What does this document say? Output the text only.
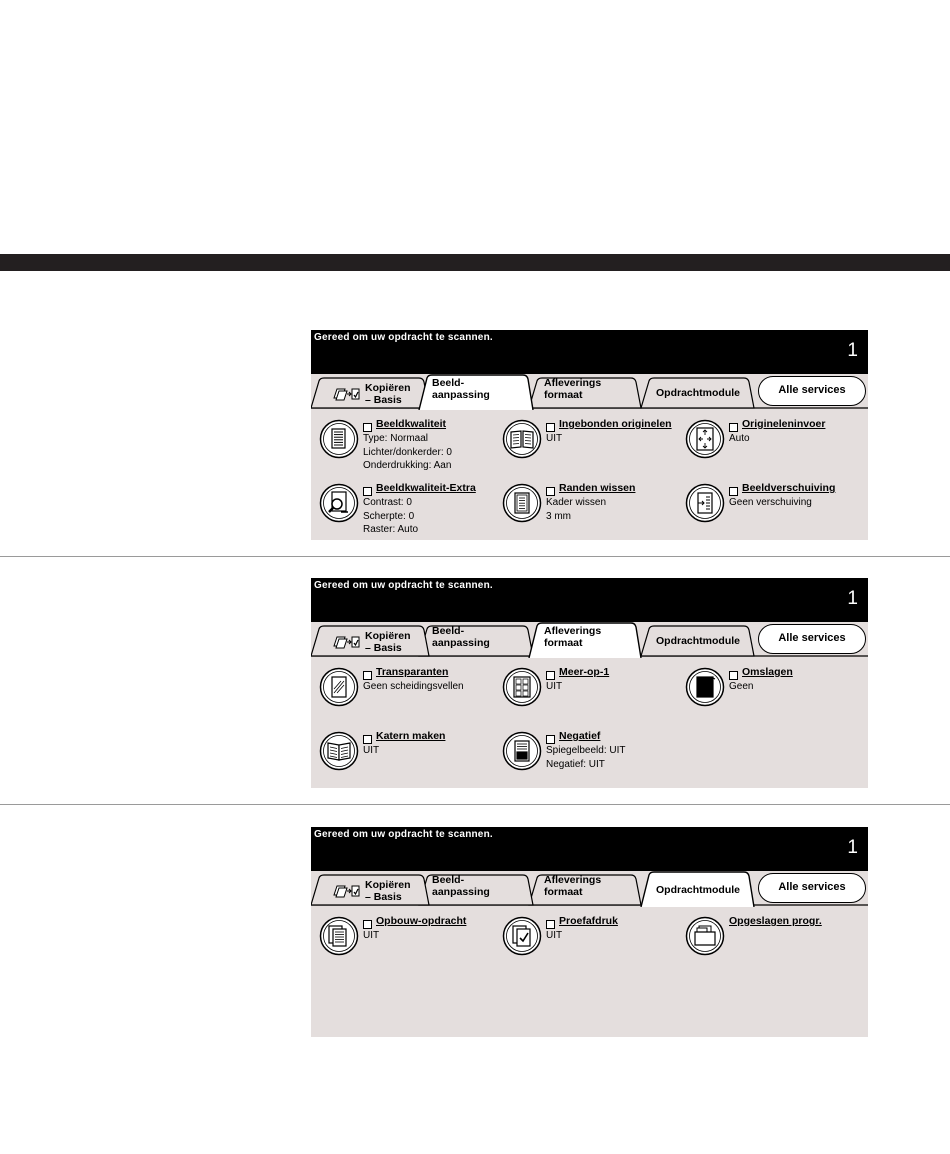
Gereed om uw opdracht te scannen.
1
Kopiëren
– Basis
Beeld-
aanpassing
Afleverings
formaat	Opdrachtmodule	Alle services
Beeldkwaliteit
Type: Normaal
Lichter/donkerder: 0
Onderdrukking: Aan
Ingebonden originelen
UIT
Origineleninvoer
Auto
Beeldkwaliteit-Extra
Contrast: 0
Scherpte: 0
Raster: Auto
Randen wissen
Kader wissen
3 mm
Beeldverschuiving
Geen verschuiving
Gereed om uw opdracht te scannen.
1
Kopiëren
– Basis
Beeld-
aanpassing
Afleverings
formaat	Opdrachtmodule	Alle services
Transparanten
Geen scheidingsvellen
Meer-op-1
UIT
Omslagen
Geen
Katern maken
UIT
Negatief
Spiegelbeeld: UIT
Negatief: UIT
Gereed om uw opdracht te scannen.
1
Kopiëren
– Basis
Beeld-
aanpassing
Afleverings
formaat	Opdrachtmodule	Alle services
Opbouw-opdracht
UIT
Proefafdruk
UIT
Opgeslagen progr.
